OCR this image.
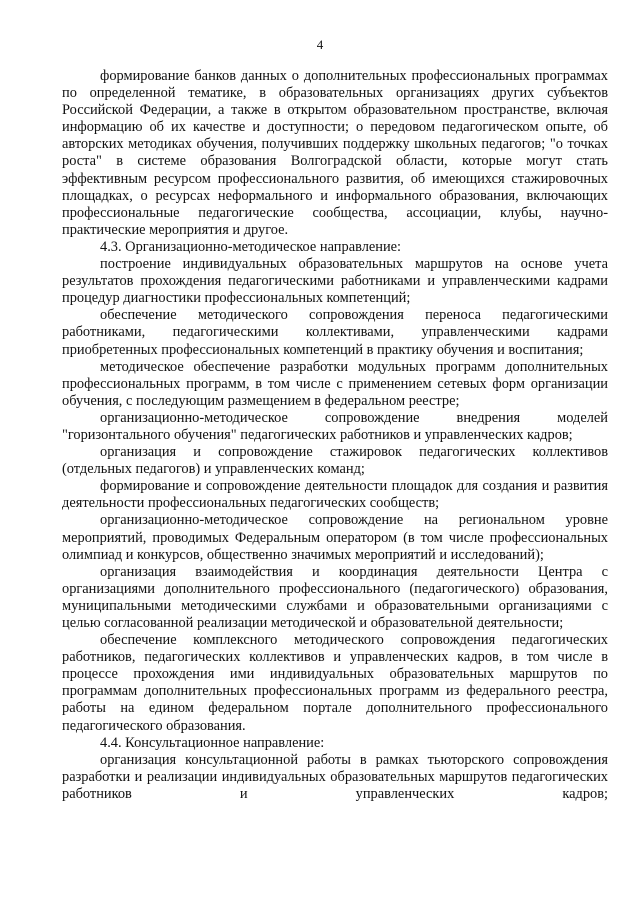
4

формирование банков данных о дополнительных профессиональных программах по определенной тематике, в образовательных организациях других субъектов Российской Федерации, а также в открытом образовательном пространстве, включая информацию об их качестве и доступности; о передовом педагогическом опыте, об авторских методиках обучения, получивших поддержку школьных педагогов; "о точках роста" в системе образования Волгоградской области, которые могут стать эффективным ресурсом профессионального развития, об имеющихся стажировочных площадках, о ресурсах неформального и информального образования, включающих профессиональные педагогические сообщества, ассоциации, клубы, научно-практические мероприятия и другое.

4.3. Организационно-методическое направление:

построение индивидуальных образовательных маршрутов на основе учета результатов прохождения педагогическими работниками и управленческими кадрами процедур диагностики профессиональных компетенций;

обеспечение методического сопровождения переноса педагогическими работниками, педагогическими коллективами, управленческими кадрами приобретенных профессиональных компетенций в практику обучения и воспитания;

методическое обеспечение разработки модульных программ дополнительных профессиональных программ, в том числе с применением сетевых форм организации обучения, с последующим размещением в федеральном реестре;

организационно-методическое сопровождение внедрения моделей "горизонтального обучения" педагогических работников и управленческих кадров;

организация и сопровождение стажировок педагогических коллективов (отдельных педагогов) и управленческих команд;

формирование и сопровождение деятельности площадок для создания и развития деятельности профессиональных педагогических сообществ;

организационно-методическое сопровождение на региональном уровне мероприятий, проводимых Федеральным оператором (в том числе профессиональных олимпиад и конкурсов, общественно значимых мероприятий и исследований);

организация взаимодействия и координация деятельности Центра с организациями дополнительного профессионального (педагогического) образования, муниципальными методическими службами и образовательными организациями с целью согласованной реализации методической и образовательной деятельности;

обеспечение комплексного методического сопровождения педагогических работников, педагогических коллективов и управленческих кадров, в том числе в процессе прохождения ими индивидуальных образовательных маршрутов по программам дополнительных профессиональных программ из федерального реестра, работы на едином федеральном портале дополнительного профессионального педагогического образования.

4.4. Консультационное направление:

организация консультационной работы в рамках тьюторского сопровождения разработки и реализации индивидуальных образовательных маршрутов педагогических работников и управленческих кадров;
